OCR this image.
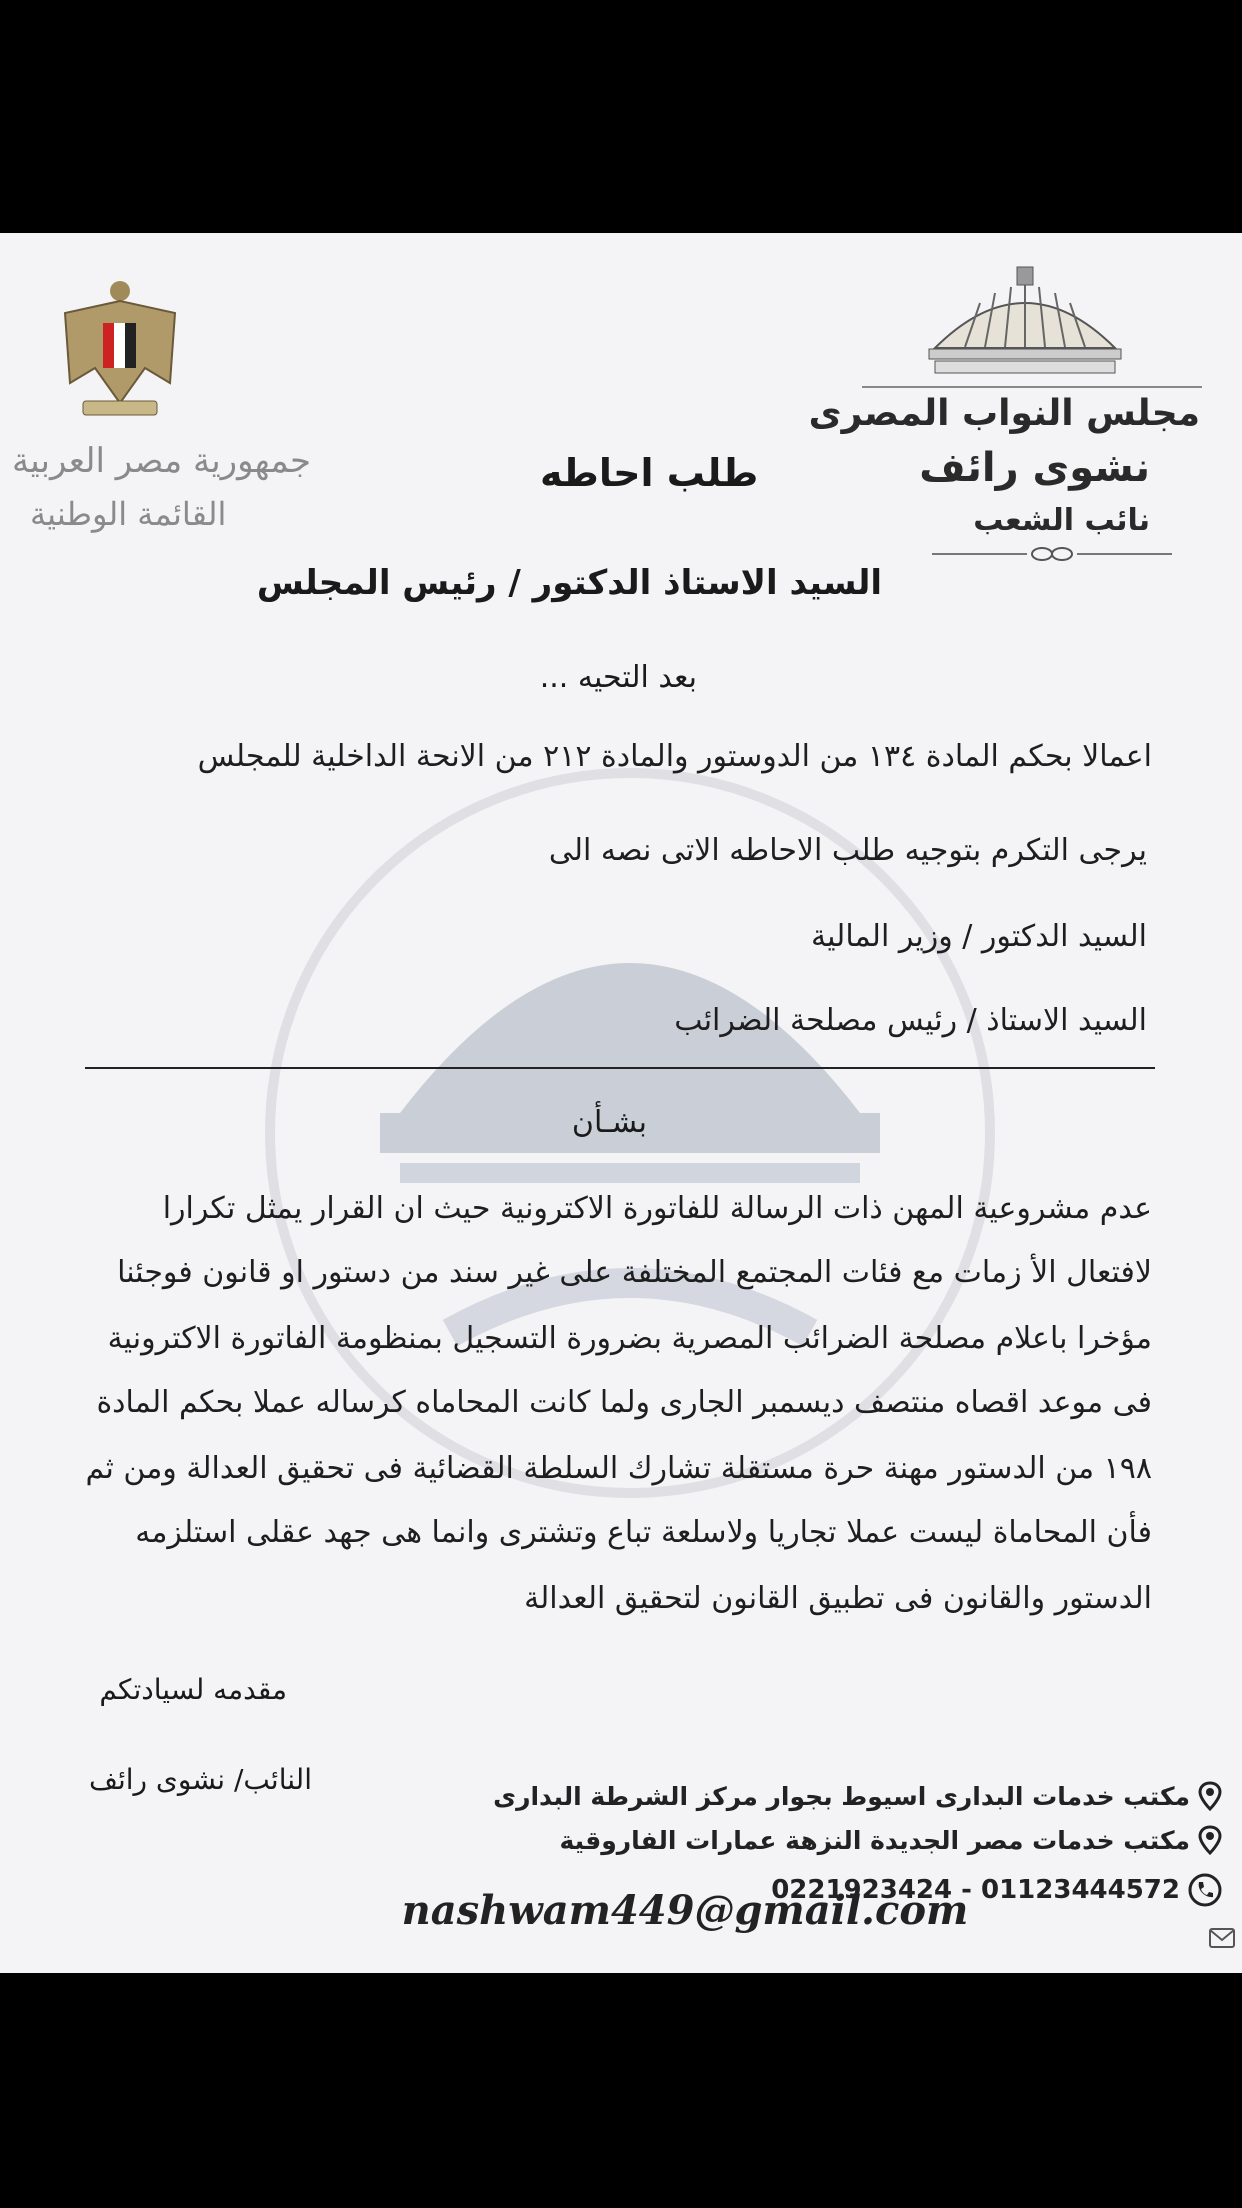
مجلس النواب المصرى
نشوى رائف
نائب الشعب
جمهورية مصر العربية
القائمة الوطنية
طلب احاطه
السيد الاستاذ الدكتور / رئيس المجلس
بعد التحيه ...
اعمالا بحكم المادة ١٣٤ من الدوستور والمادة ٢١٢ من الانحة الداخلية للمجلس
يرجى التكرم بتوجيه طلب الاحاطه الاتى نصه الى
السيد الدكتور / وزير المالية
السيد الاستاذ / رئيس مصلحة الضرائب
بشـأن
عدم مشروعية المهن ذات الرسالة للفاتورة الاكترونية حيث ان القرار يمثل تكرارا
لافتعال الأ زمات مع فئات المجتمع المختلفة على غير سند من دستور او قانون فوجئنا
مؤخرا باعلام مصلحة الضرائب المصرية بضرورة التسجيل بمنظومة الفاتورة الاكترونية
فى موعد اقصاه منتصف ديسمبر الجارى ولما كانت المحاماه كرساله عملا بحكم المادة
١٩٨ من الدستور مهنة حرة مستقلة تشارك السلطة القضائية فى تحقيق العدالة ومن ثم
فأن المحاماة ليست عملا تجاريا ولاسلعة تباع وتشترى وانما هى جهد عقلى استلزمه
الدستور والقانون فى تطبيق القانون لتحقيق العدالة
مقدمه لسيادتكم
النائب/ نشوى رائف	مكتب خدمات البدارى اسيوط بجوار مركز الشرطة البدارى
مكتب خدمات مصر الجديدة النزهة عمارات الفاروقية
0221923424 - 01123444572
nashwam449@gmail.com
